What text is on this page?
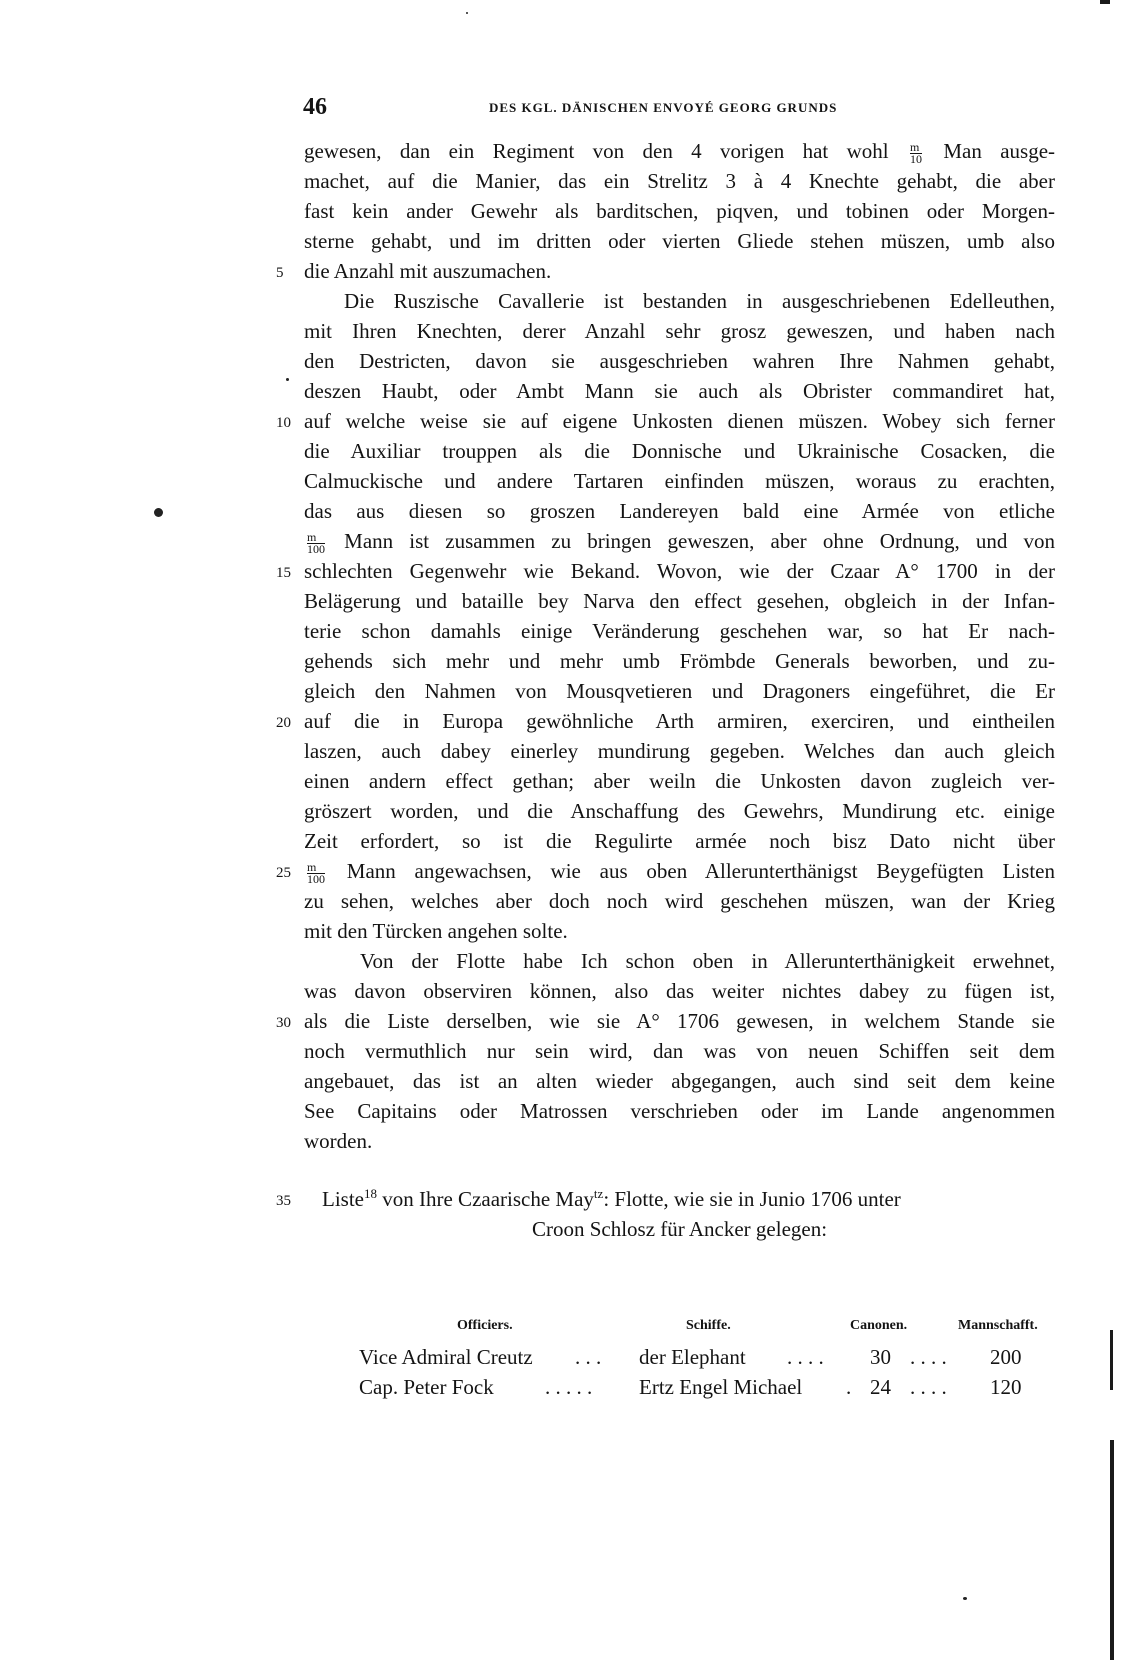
46	DES KGL. DÄNISCHEN ENVOYÉ GEORG GRUNDS
gewesen, dan ein Regiment von den 4 vorigen hat wohl $\frac{m}{10}$ Man ausge-
machet, auf die Manier, das ein Strelitz 3 à 4 Knechte gehabt, die aber
fast kein ander Gewehr als barditschen, piqven, und tobinen oder Morgen-
sterne gehabt, und im dritten oder vierten Gliede stehen müszen, umb also
die Anzahl mit auszumachen.
Die Ruszische Cavallerie ist bestanden in ausgeschriebenen Edelleuthen,
mit Ihren Knechten, derer Anzahl sehr grosz geweszen, und haben nach
den Destricten, davon sie ausgeschrieben wahren Ihre Nahmen gehabt,
deszen Haubt, oder Ambt Mann sie auch als Obrister commandiret hat,
auf welche weise sie auf eigene Unkosten dienen müszen. Wobey sich ferner
die Auxiliar trouppen als die Donnische und Ukrainische Cosacken, die
Calmuckische und andere Tartaren einfinden müszen, woraus zu erachten,
das aus diesen so groszen Landereyen bald eine Armée von etliche
$\frac{m}{100}$ Mann ist zusammen zu bringen geweszen, aber ohne Ordnung, und von
schlechten Gegenwehr wie Bekand. Wovon, wie der Czaar A° 1700 in der
Belägerung und bataille bey Narva den effect gesehen, obgleich in der Infan-
terie schon damahls einige Veränderung geschehen war, so hat Er nach-
gehends sich mehr und mehr umb Frömbde Generals beworben, und zu-
gleich den Nahmen von Mousqvetieren und Dragoners eingeführet, die Er
auf die in Europa gewöhnliche Arth armiren, exerciren, und eintheilen
laszen, auch dabey einerley mundirung gegeben. Welches dan auch gleich
einen andern effect gethan; aber weiln die Unkosten davon zugleich ver-
gröszert worden, und die Anschaffung des Gewehrs, Mundirung etc. einige
Zeit erfordert, so ist die Regulirte armée noch bisz Dato nicht über
$\frac{m}{100}$ Mann angewachsen, wie aus oben Allerunterthänigst Beygefügten Listen
zu sehen, welches aber doch noch wird geschehen müszen, wan der Krieg
mit den Türcken angehen solte.
Von der Flotte habe Ich schon oben in Allerunterthänigkeit erwehnet,
was davon observiren können, also das weiter nichtes dabey zu fügen ist,
als die Liste derselben, wie sie A° 1706 gewesen, in welchem Stande sie
noch vermuthlich nur sein wird, dan was von neuen Schiffen seit dem
angebauet, das ist an alten wieder abgegangen, auch sind seit dem keine
See Capitains oder Matrossen verschrieben oder im Lande angenommen
worden.
5
10
15
20
25
30
35 Liste$^{18}$ von Ihre Czaarische May$^{tz}$: Flotte, wie sie in Junio 1706 unter
Croon Schlosz für Ancker gelegen:
Officiers.	Schiffe.	Canonen.	Mannschafft.
Vice Admiral Creutz . . . der Elephant . . . . 30 . . . . 200
Cap. Peter Fock . . . . . Ertz Engel Michael . 24 . . . . 120
